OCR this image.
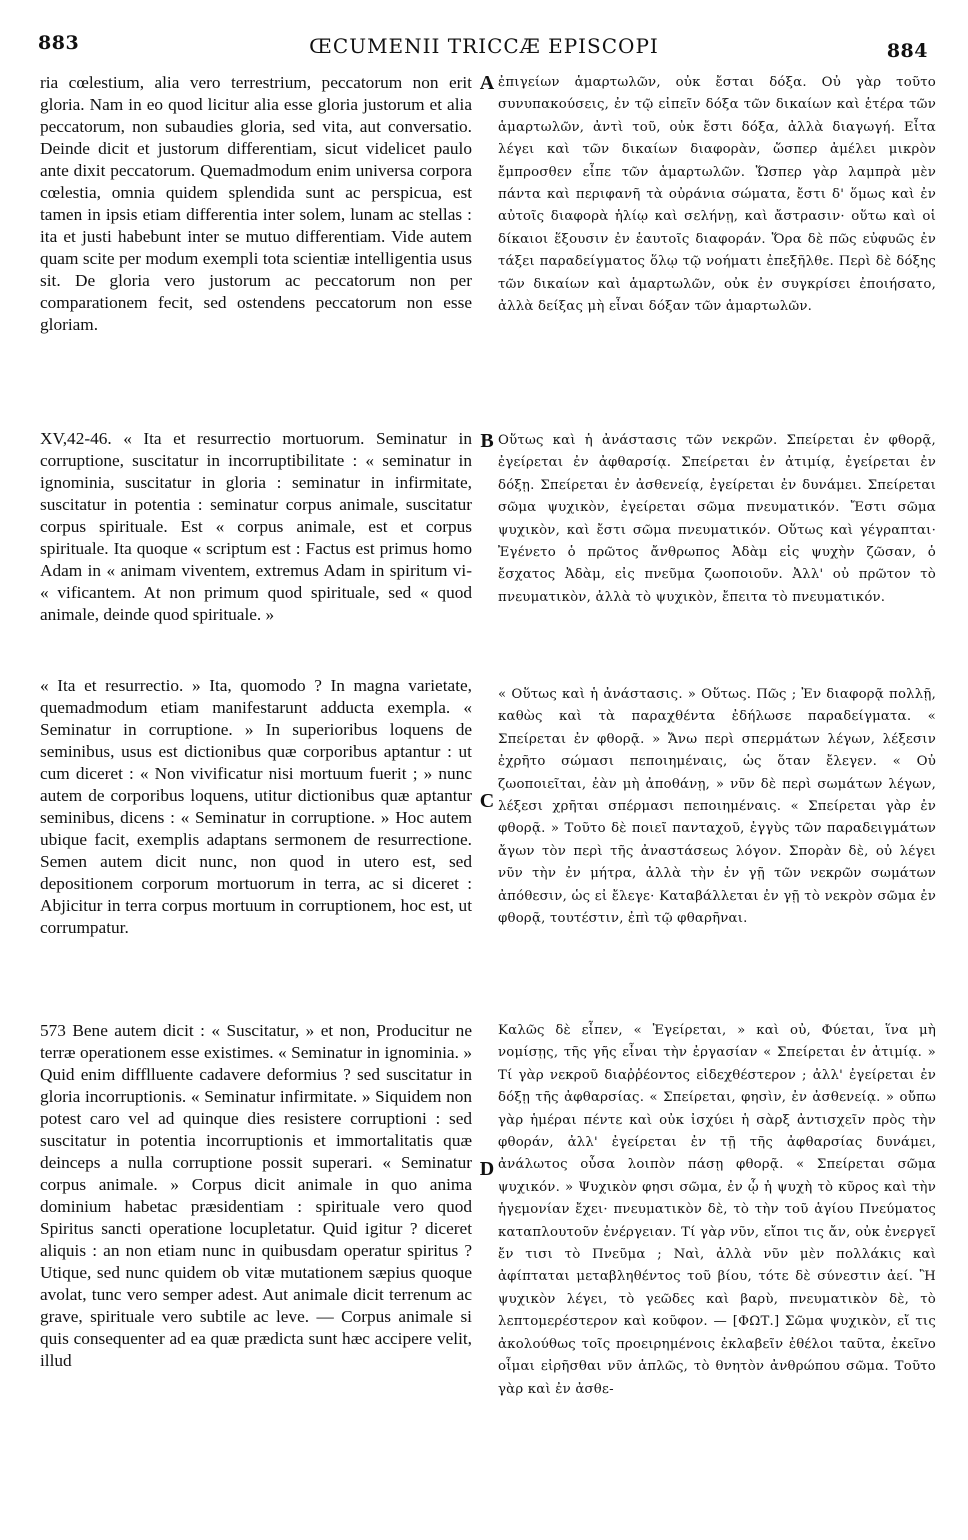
883	ŒCUMENII TRICCÆ EPISCOPI	884

ria cœlestium, alia vero terrestrium, peccatorum non erit gloria. Nam in eo quod licitur alia esse gloria justorum et alia peccatorum, non subaudies gloria, sed vita, aut conversatio. Deinde dicit et justorum differentiam, sicut videlicet paulo ante dixit peccatorum. Quemadmodum enim universa corpora cœlestia, omnia quidem splendida sunt ac perspicua, est tamen in ipsis etiam differentia inter solem, lunam ac stellas : ita et justi habebunt inter se mutuo differentiam. Vide autem quam scite per modum exempli tota scientiæ intelligentia usus sit. De gloria vero justorum ac peccatorum non per comparationem fecit, sed ostendens peccatorum non esse gloriam.

XV,42-46. « Ita et resurrectio mortuorum. Seminatur in corruptione, suscitatur in incorruptibilitate : « seminatur in ignominia, suscitatur in gloria : seminatur in infirmitate, suscitatur in potentia : seminatur corpus animale, suscitatur corpus spirituale. Est « corpus animale, est et corpus spirituale. Ita quoque « scriptum est : Factus est primus homo Adam in « animam viventem, extremus Adam in spiritum vi- « vificantem. At non primum quod spirituale, sed « quod animale, deinde quod spirituale. »

« Ita et resurrectio. » Ita, quomodo ? In magna varietate, quemadmodum etiam manifestarunt adducta exempla. « Seminatur in corruptione. » In superioribus loquens de seminibus, usus est dictionibus quæ corporibus aptantur : ut cum diceret : « Non vivificatur nisi mortuum fuerit ; » nunc autem de corporibus loquens, utitur dictionibus quæ aptantur seminibus, dicens : « Seminatur in corruptione. » Hoc autem ubique facit, exemplis adaptans sermonem de resurrectione. Semen autem dicit nunc, non quod in utero est, sed depositionem corporum mortuorum in terra, ac si diceret : Abjicitur in terra corpus mortuum in corruptionem, hoc est, ut corrumpatur.

573 Bene autem dicit : « Suscitatur, » et non, Producitur ne terræ operationem esse existimes. « Seminatur in ignominia. » Quid enim difflluente cadavere deformius ? sed suscitatur in gloria incorruptionis. « Seminatur infirmitate. » Siquidem non potest caro vel ad quinque dies resistere corruptioni : sed suscitatur in potentia incorruptionis et immortalitatis quæ deinceps a nulla corruptione possit superari. « Seminatur corpus animale. » Corpus dicit animale in quo anima dominium habetac præsidentiam : spirituale vero quod Spiritus sancti operatione locupletatur. Quid igitur ? diceret aliquis : an non etiam nunc in quibusdam operatur spiritus ? Utique, sed nunc quidem ob vitæ mutationem sæpius quoque avolat, tunc vero semper adest. Aut animale dicit terrenum ac grave, spirituale vero subtile ac leve. — Corpus animale si quis consequenter ad ea quæ prædicta sunt hæc accipere velit, illud

A
B
C
D

ἐπιγείων ἁμαρτωλῶν, οὐκ ἔσται δόξα. Οὐ γὰρ τοῦτο συνυπακούσεις, ἐν τῷ εἰπεῖν δόξα τῶν δικαίων καὶ ἑτέρα τῶν ἁμαρτωλῶν, ἀντὶ τοῦ, οὐκ ἔστι δόξα, ἀλλὰ διαγωγή. Εἶτα λέγει καὶ τῶν δικαίων διαφορὰν, ὥσπερ ἀμέλει μικρὸν ἔμπροσθεν εἶπε τῶν ἁμαρτωλῶν. Ὥσπερ γὰρ λαμπρὰ μὲν πάντα καὶ περιφανῆ τὰ οὐράνια σώματα, ἔστι δ' ὅμως καὶ ἐν αὐτοῖς διαφορὰ ἡλίῳ καὶ σελήνῃ, καὶ ἄστρασιν· οὕτω καὶ οἱ δίκαιοι ἕξουσιν ἐν ἑαυτοῖς διαφοράν. Ὅρα δὲ πῶς εὐφυῶς ἐν τάξει παραδείγματος ὅλῳ τῷ νοήματι ἐπεξῆλθε. Περὶ δὲ δόξης τῶν δικαίων καὶ ἁμαρτωλῶν, οὐκ ἐν συγκρίσει ἐποιήσατο, ἀλλὰ δείξας μὴ εἶναι δόξαν τῶν ἁμαρτωλῶν.

Οὕτως καὶ ἡ ἀνάστασις τῶν νεκρῶν. Σπείρεται ἐν φθορᾷ, ἐγείρεται ἐν ἀφθαρσίᾳ. Σπείρεται ἐν ἀτιμίᾳ, ἐγείρεται ἐν δόξῃ. Σπείρεται ἐν ἀσθενείᾳ, ἐγείρεται ἐν δυνάμει. Σπείρεται σῶμα ψυχικὸν, ἐγείρεται σῶμα πνευματικόν. Ἔστι σῶμα ψυχικὸν, καὶ ἔστι σῶμα πνευματικόν. Οὕτως καὶ γέγραπται· Ἐγένετο ὁ πρῶτος ἄνθρωπος Ἀδὰμ εἰς ψυχὴν ζῶσαν, ὁ ἔσχατος Ἀδὰμ, εἰς πνεῦμα ζωοποιοῦν. Ἀλλ' οὐ πρῶτον τὸ πνευματικὸν, ἀλλὰ τὸ ψυχικὸν, ἔπειτα τὸ πνευματικόν.

« Οὕτως καὶ ἡ ἀνάστασις. » Οὕτως. Πῶς ; Ἐν διαφορᾷ πολλῇ, καθὼς καὶ τὰ παραχθέντα ἐδήλωσε παραδείγματα. « Σπείρεται ἐν φθορᾷ. » Ἄνω περὶ σπερμάτων λέγων, λέξεσιν ἐχρῆτο σώμασι πεποιημέναις, ὡς ὅταν ἔλεγεν. « Οὐ ζωοποιεῖται, ἐὰν μὴ ἀποθάνῃ, » νῦν δὲ περὶ σωμάτων λέγων, λέξεσι χρῆται σπέρμασι πεποιημέναις. « Σπείρεται γὰρ ἐν φθορᾷ. » Τοῦτο δὲ ποιεῖ πανταχοῦ, ἐγγὺς τῶν παραδειγμάτων ἄγων τὸν περὶ τῆς ἀναστάσεως λόγον. Σπορὰν δὲ, οὐ λέγει νῦν τὴν ἐν μήτρα, ἀλλὰ τὴν ἐν γῇ τῶν νεκρῶν σωμάτων ἀπόθεσιν, ὡς εἰ ἔλεγε· Καταβάλλεται ἐν γῇ τὸ νεκρὸν σῶμα ἐν φθορᾷ, τουτέστιν, ἐπὶ τῷ φθαρῆναι.

Καλῶς δὲ εἶπεν, « Ἐγείρεται, » καὶ οὐ, Φύεται, ἵνα μὴ νομίσῃς, τῆς γῆς εἶναι τὴν ἐργασίαν « Σπείρεται ἐν ἀτιμίᾳ. » Τί γὰρ νεκροῦ διαῤῥέοντος εἰδεχθέστερον ; ἀλλ' ἐγείρεται ἐν δόξῃ τῆς ἀφθαρσίας. « Σπείρεται, φησὶν, ἐν ἀσθενείᾳ. » οὔπω γὰρ ἡμέραι πέντε καὶ οὐκ ἰσχύει ἡ σὰρξ ἀντισχεῖν πρὸς τὴν φθοράν, ἀλλ' ἐγείρεται ἐν τῇ τῆς ἀφθαρσίας δυνάμει, ἀνάλωτος οὖσα λοιπὸν πάσῃ φθορᾷ. « Σπείρεται σῶμα ψυχικόν. » Ψυχικὸν φησι σῶμα, ἐν ᾧ ἡ ψυχὴ τὸ κῦρος καὶ τὴν ἡγεμονίαν ἔχει· πνευματικὸν δὲ, τὸ τὴν τοῦ ἁγίου Πνεύματος καταπλουτοῦν ἐνέργειαν. Τί γὰρ νῦν, εἴποι τις ἄν, οὐκ ἐνεργεῖ ἔν τισι τὸ Πνεῦμα ; Ναὶ, ἀλλὰ νῦν μὲν πολλάκις καὶ ἀφίπταται μεταβληθέντος τοῦ βίου, τότε δὲ σύνεστιν ἀεί. Ἢ ψυχικὸν λέγει, τὸ γεῶδες καὶ βαρὺ, πνευματικὸν δὲ, τὸ λεπτομερέστερον καὶ κοῦφον. — [ΦΩΤ.] Σῶμα ψυχικὸν, εἴ τις ἀκολούθως τοῖς προειρημένοις ἐκλαβεῖν ἐθέλοι ταῦτα, ἐκεῖνο οἶμαι εἰρῆσθαι νῦν ἁπλῶς, τὸ θνητὸν ἀνθρώπου σῶμα. Τοῦτο γὰρ καὶ ἐν ἀσθε-
